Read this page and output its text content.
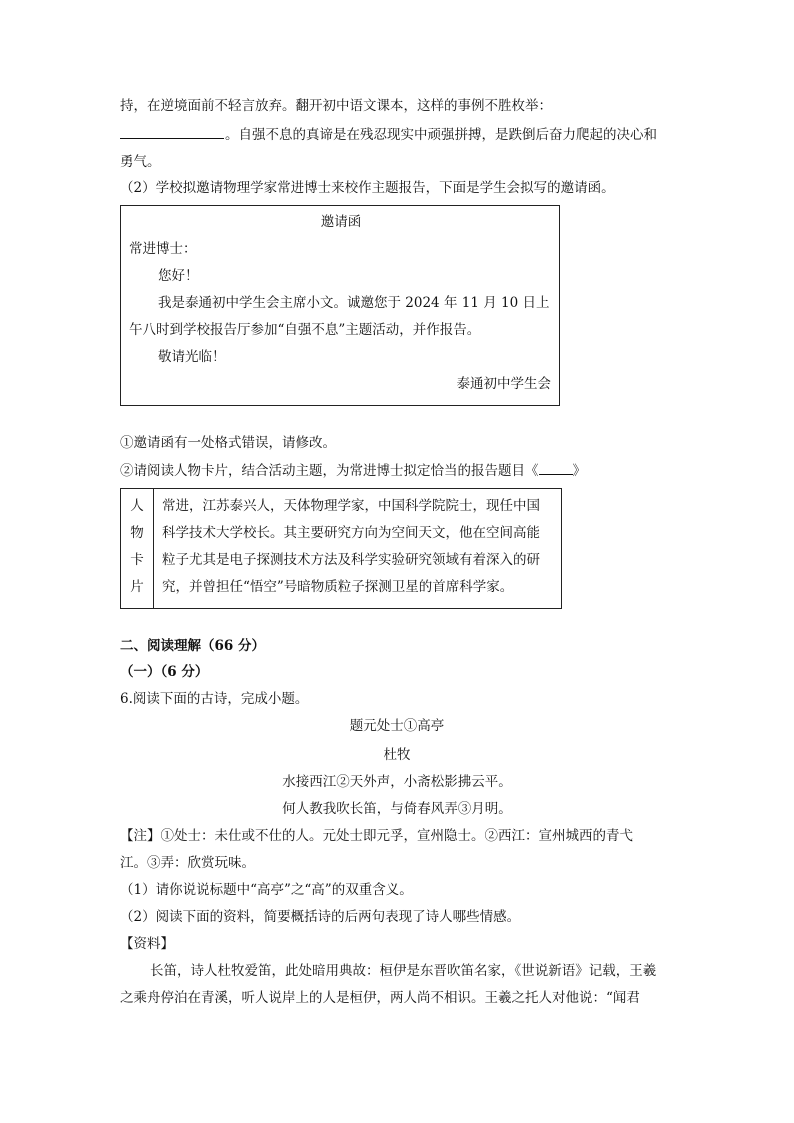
持，在逆境面前不轻言放弃。翻开初中语文课本，这样的事例不胜枚举：
。自强不息的真谛是在残忍现实中顽强拼搏，是跌倒后奋力爬起的决心和
勇气。
（2）学校拟邀请物理学家常进博士来校作主题报告，下面是学生会拟写的邀请函。
邀请函
常进博士：
您好！
我是泰通初中学生会主席小文。诚邀您于 2024 年 11 月 10 日上
午八时到学校报告厅参加“自强不息”主题活动，并作报告。
敬请光临！
泰通初中学生会
①邀请函有一处格式错误，请修改。
②请阅读人物卡片，结合活动主题，为常进博士拟定恰当的报告题目《	》
人
物
卡
片
常进，江苏泰兴人，天体物理学家，中国科学院院士，现任中国
科学技术大学校长。其主要研究方向为空间天文，他在空间高能
粒子尤其是电子探测技术方法及科学实验研究领域有着深入的研
究，并曾担任“悟空”号暗物质粒子探测卫星的首席科学家。
二、阅读理解（66 分）
（一）（6 分）
6.阅读下面的古诗，完成小题。
题元处士①高亭
杜牧
水接西江②天外声，小斋松影拂云平。
何人教我吹长笛，与倚春风弄③月明。
【注】①处士：未仕或不仕的人。元处士即元孚，宣州隐士。②西江：宣州城西的青弋
江。③弄：欣赏玩味。
（1）请你说说标题中“高亭”之“高”的双重含义。
（2）阅读下面的资料，简要概括诗的后两句表现了诗人哪些情感。
【资料】
长笛，诗人杜牧爱笛，此处暗用典故：桓伊是东晋吹笛名家，《世说新语》记载，王羲
之乘舟停泊在青溪，听人说岸上的人是桓伊，两人尚不相识。王羲之托人对他说：“闻君
